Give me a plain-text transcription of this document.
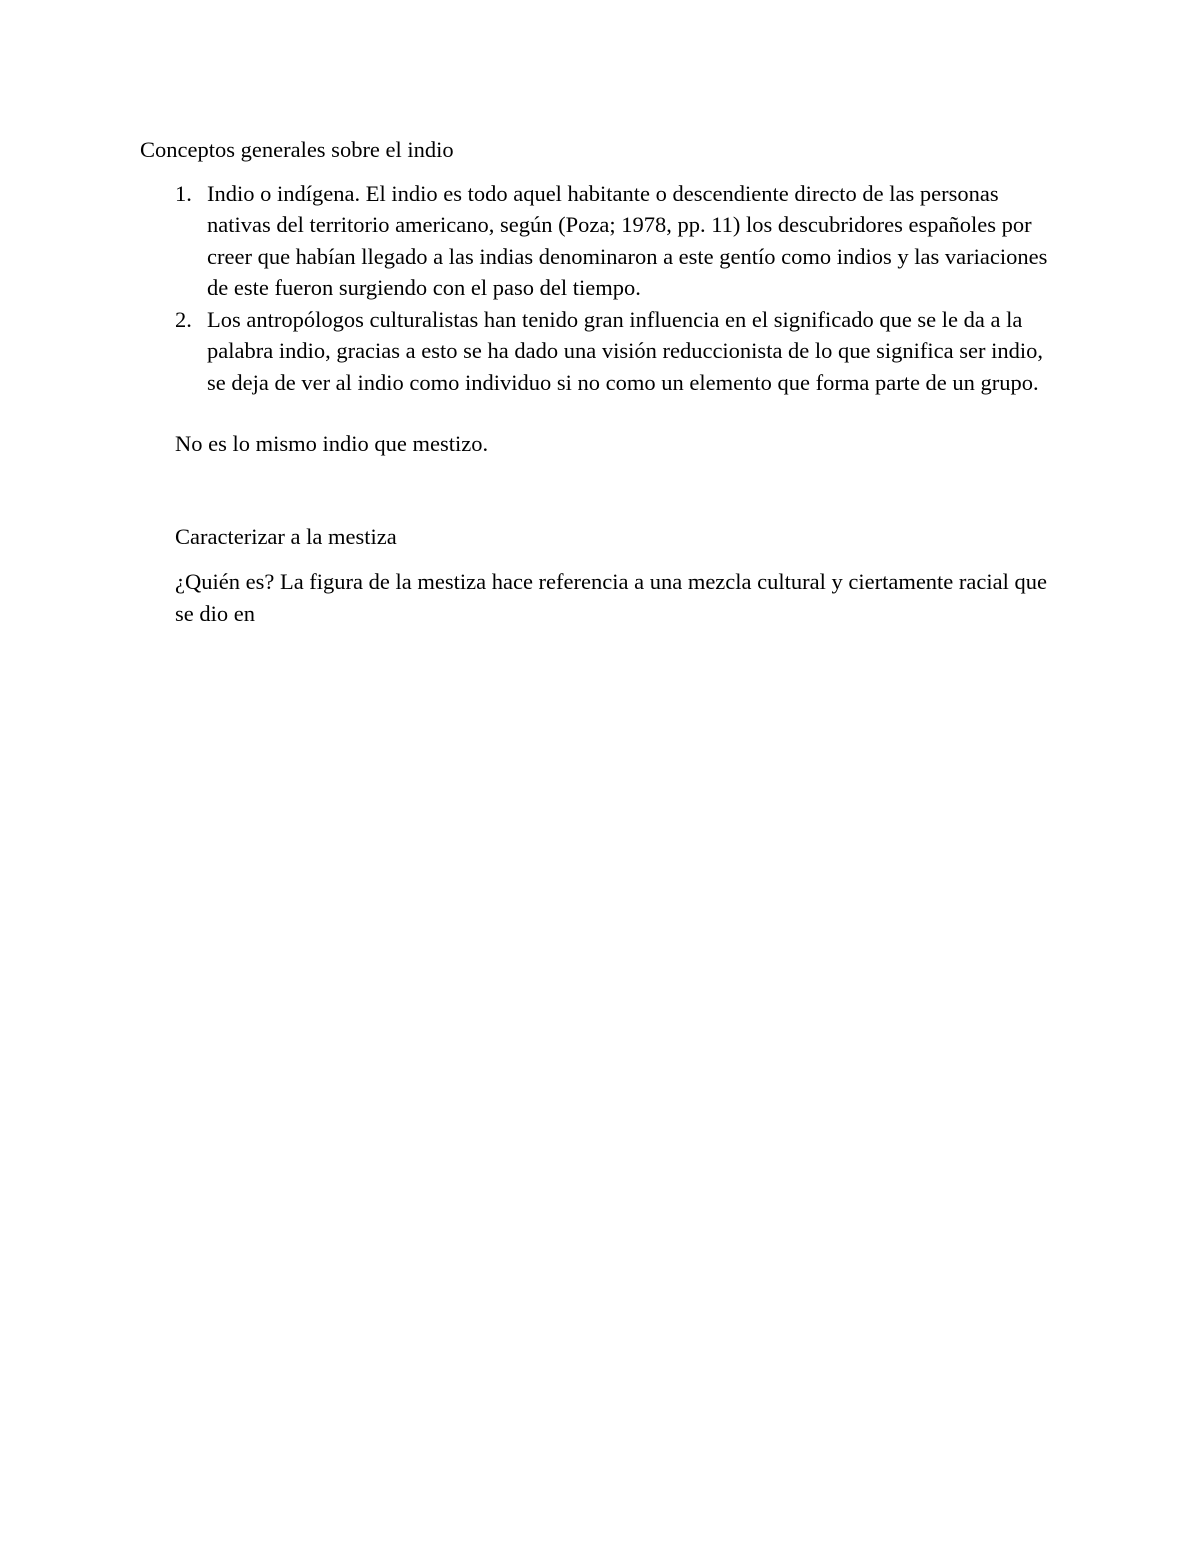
Conceptos generales sobre el indio

Indio o indígena. El indio es todo aquel habitante o descendiente directo de las personas nativas del territorio americano, según (Poza; 1978, pp. 11) los descubridores españoles por creer que habían llegado a las indias denominaron a este gentío como indios y las variaciones de este fueron surgiendo con el paso del tiempo.
Los antropólogos culturalistas han tenido gran influencia en el significado que se le da a la palabra indio, gracias a esto se ha dado una visión reduccionista de lo que significa ser indio, se deja de ver al indio como individuo si no como un elemento que forma parte de un grupo.

No es lo mismo indio que mestizo.

Caracterizar a la mestiza

¿Quién es? La figura de la mestiza hace referencia a una mezcla cultural y ciertamente racial que se dio en
